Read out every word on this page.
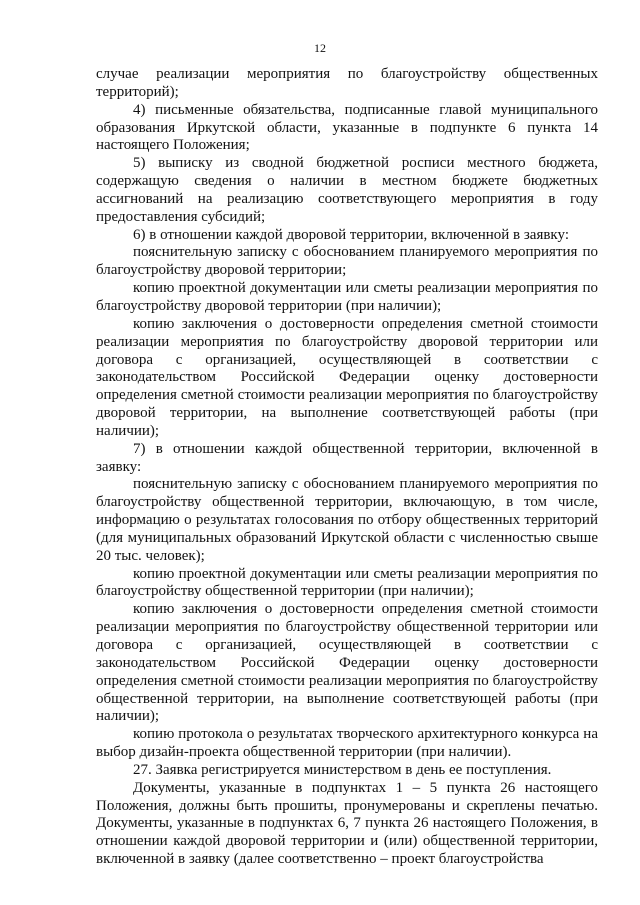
12

случае реализации мероприятия по благоустройству общественных территорий);

4) письменные обязательства, подписанные главой муниципального образования Иркутской области, указанные в подпункте 6 пункта 14 настоящего Положения;

5) выписку из сводной бюджетной росписи местного бюджета, содержащую сведения о наличии в местном бюджете бюджетных ассигнований на реализацию соответствующего мероприятия в году предоставления субсидий;

6) в отношении каждой дворовой территории, включенной в заявку:

пояснительную записку с обоснованием планируемого мероприятия по благоустройству дворовой территории;

копию проектной документации или сметы реализации мероприятия по благоустройству дворовой территории (при наличии);

копию заключения о достоверности определения сметной стоимости реализации мероприятия по благоустройству дворовой территории или договора с организацией, осуществляющей в соответствии с законодательством Российской Федерации оценку достоверности определения сметной стоимости реализации мероприятия по благоустройству дворовой территории, на выполнение соответствующей работы (при наличии);

7) в отношении каждой общественной территории, включенной в заявку:

пояснительную записку с обоснованием планируемого мероприятия по благоустройству общественной территории, включающую, в том числе, информацию о результатах голосования по отбору общественных территорий (для муниципальных образований Иркутской области с численностью свыше 20 тыс. человек);

копию проектной документации или сметы реализации мероприятия по благоустройству общественной территории (при наличии);

копию заключения о достоверности определения сметной стоимости реализации мероприятия по благоустройству общественной территории или договора с организацией, осуществляющей в соответствии с законодательством Российской Федерации оценку достоверности определения сметной стоимости реализации мероприятия по благоустройству общественной территории, на выполнение соответствующей работы (при наличии);

копию протокола о результатах творческого архитектурного конкурса на выбор дизайн-проекта общественной территории (при наличии).

27. Заявка регистрируется министерством в день ее поступления.

Документы, указанные в подпунктах 1 – 5 пункта 26 настоящего Положения, должны быть прошиты, пронумерованы и скреплены печатью. Документы, указанные в подпунктах 6, 7 пункта 26 настоящего Положения, в отношении каждой дворовой территории и (или) общественной территории, включенной в заявку (далее соответственно – проект благоустройства
